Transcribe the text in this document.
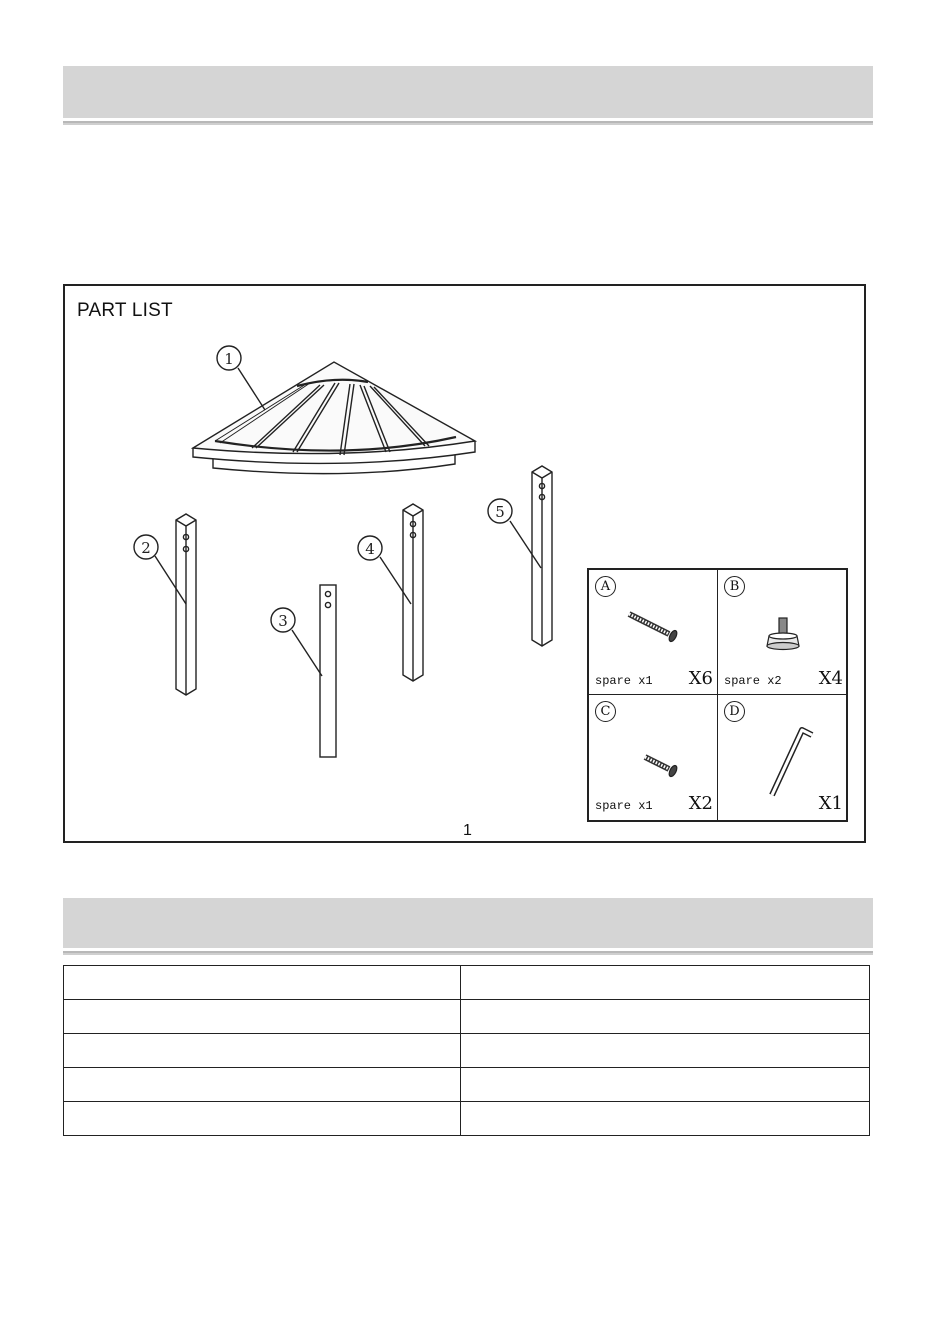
PART LIST
1
1
2
3
4
5
A
spare x1 X6
B
spare x2 X4
C
spare x1 X2
D
X1
